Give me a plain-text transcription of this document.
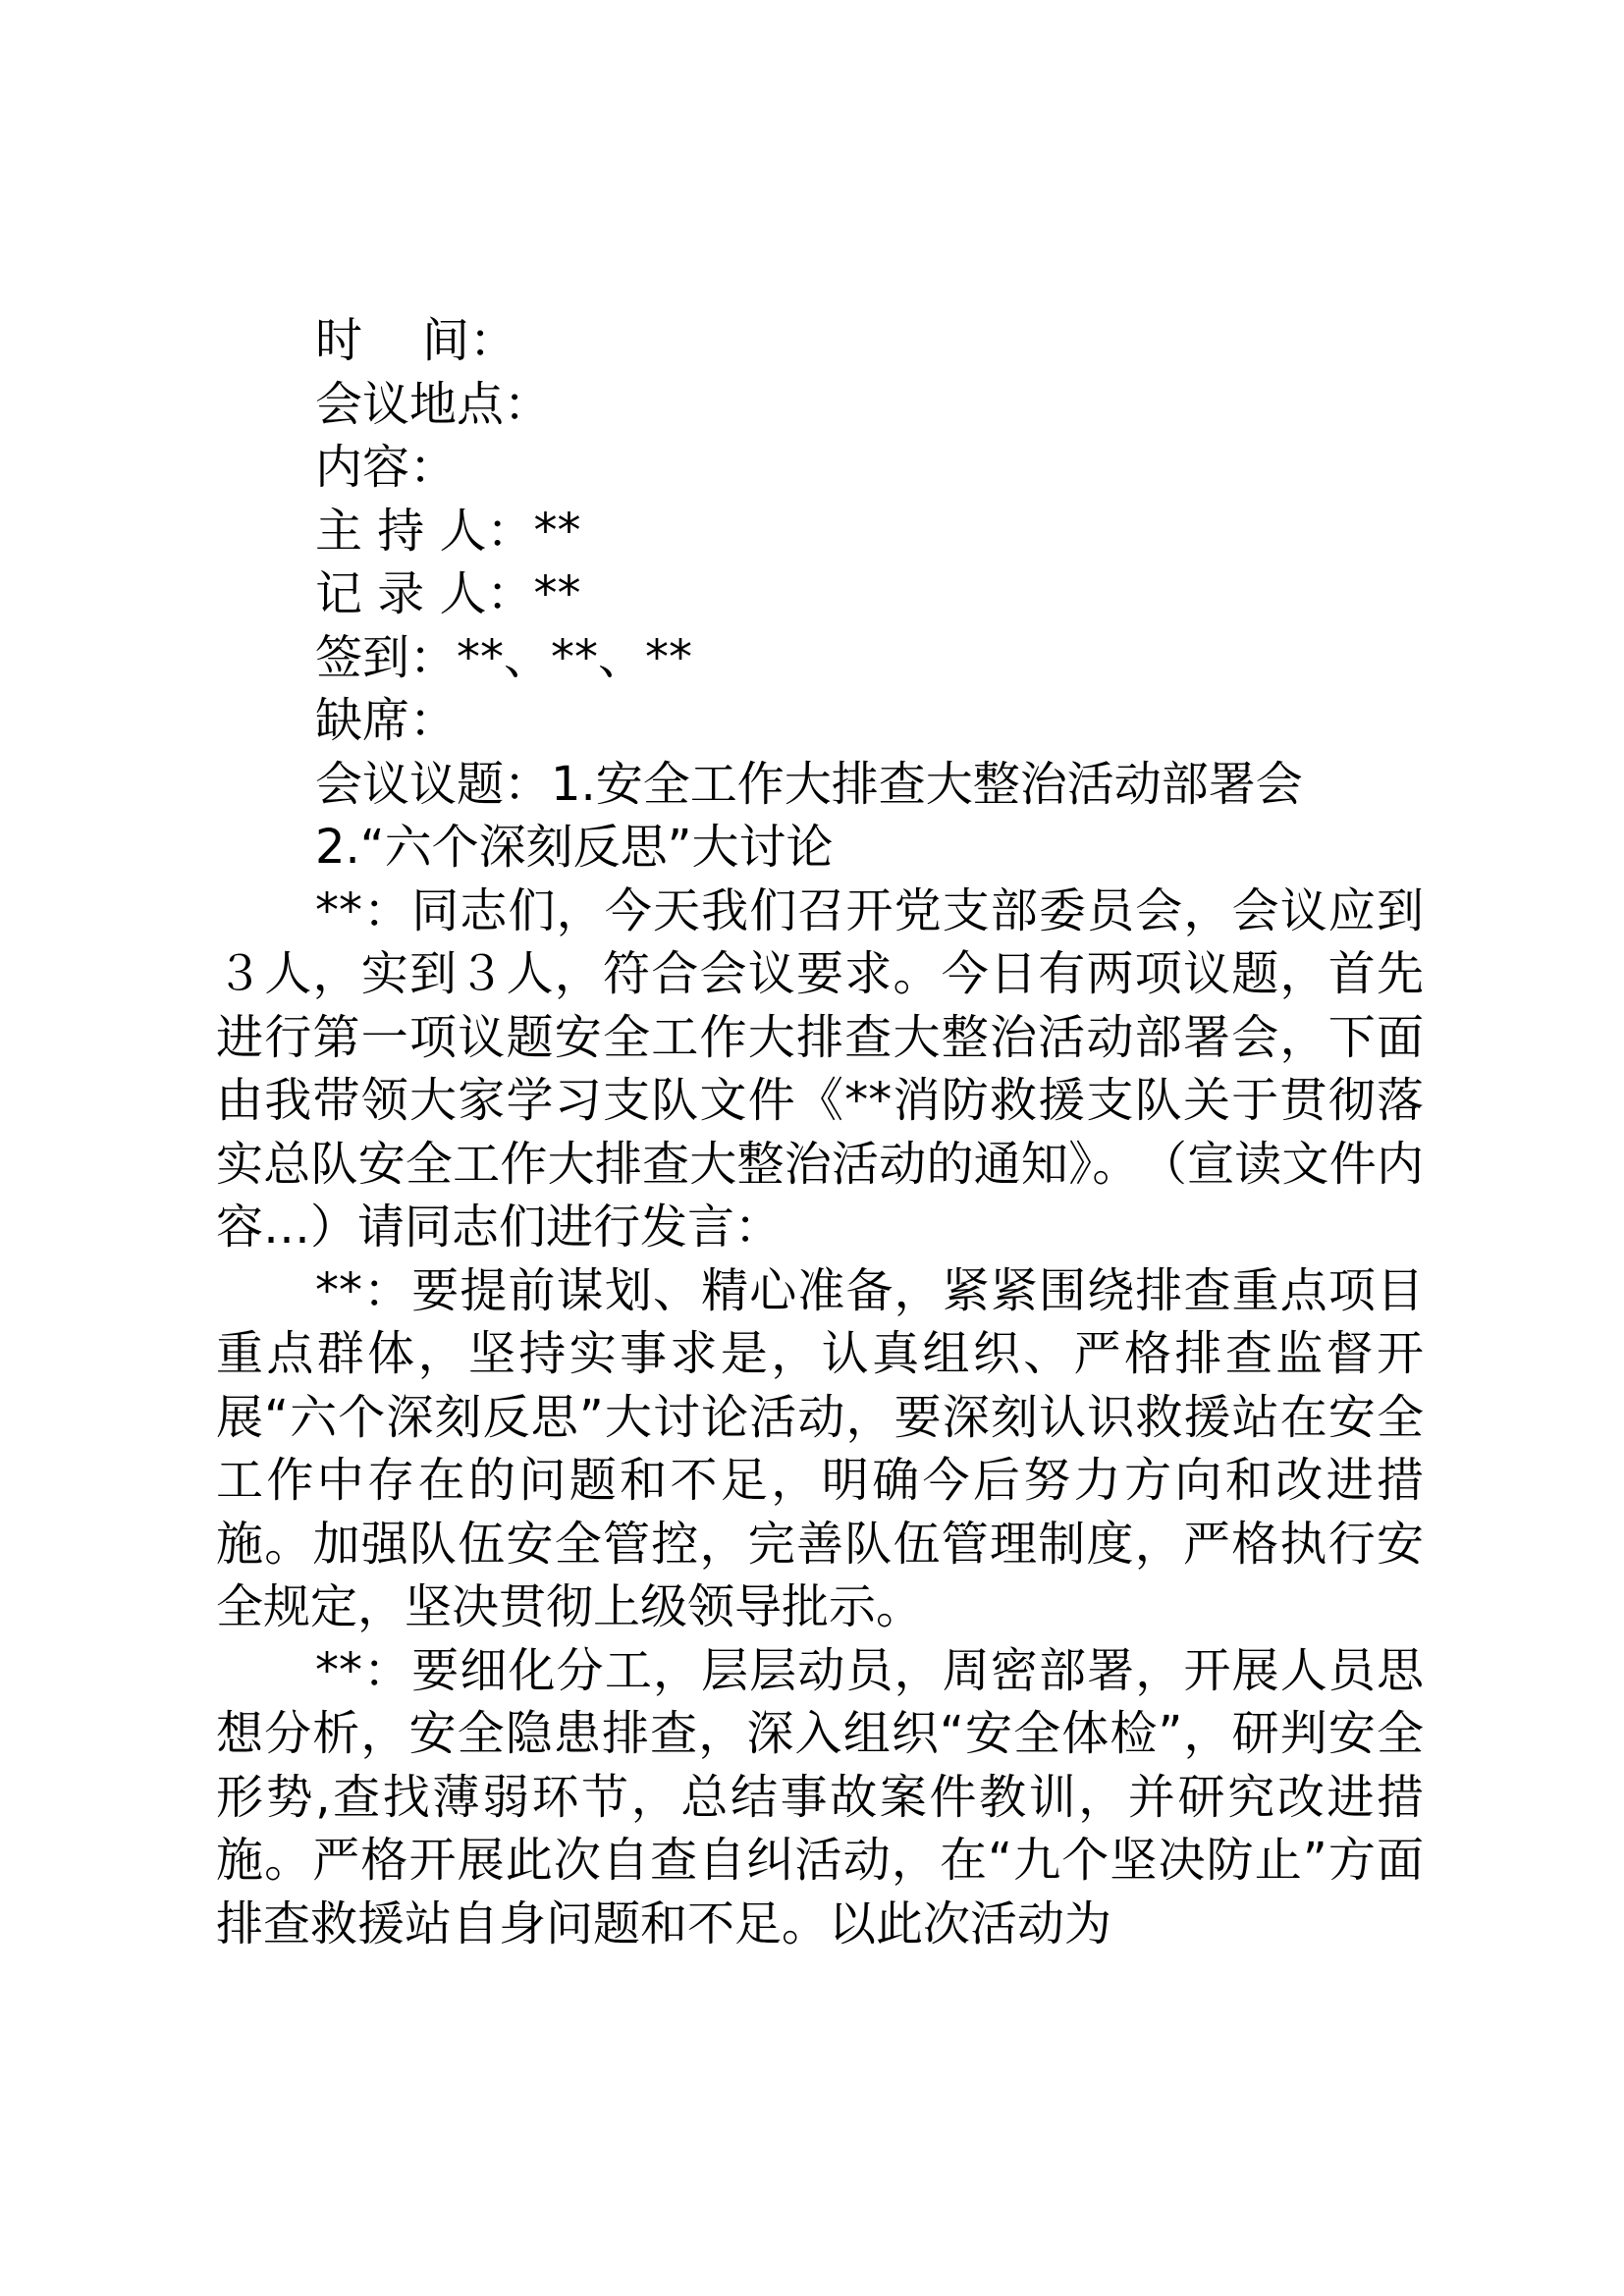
时    间：
会议地点：
内容：
主 持 人：**
记 录 人：**
签到：**、**、**
缺席：
会议议题：1.安全工作大排查大整治活动部署会
2.“六个深刻反思”大讨论

**：同志们，今天我们召开党支部委员会，会议应到３人，实到３人，符合会议要求。今日有两项议题，首先进行第一项议题安全工作大排查大整治活动部署会，下面由我带领大家学习支队文件《**消防救援支队关于贯彻落实总队安全工作大排查大整治活动的通知》。　（宣读文件内容…）请同志们进行发言：

**：要提前谋划、精心准备，紧紧围绕排查重点项目重点群体，坚持实事求是，认真组织、严格排查监督开展“六个深刻反思”大讨论活动，要深刻认识救援站在安全工作中存在的问题和不足，明确今后努力方向和改进措施。加强队伍安全管控，完善队伍管理制度，严格执行安全规定，坚决贯彻上级领导批示。

**：要细化分工，层层动员，周密部署，开展人员思想分析，安全隐患排查，深入组织“安全体检”，研判安全形势,查找薄弱环节，总结事故案件教训，并研究改进措施。严格开展此次自查自纠活动，在“九个坚决防止”方面排查救援站自身问题和不足。以此次活动为
